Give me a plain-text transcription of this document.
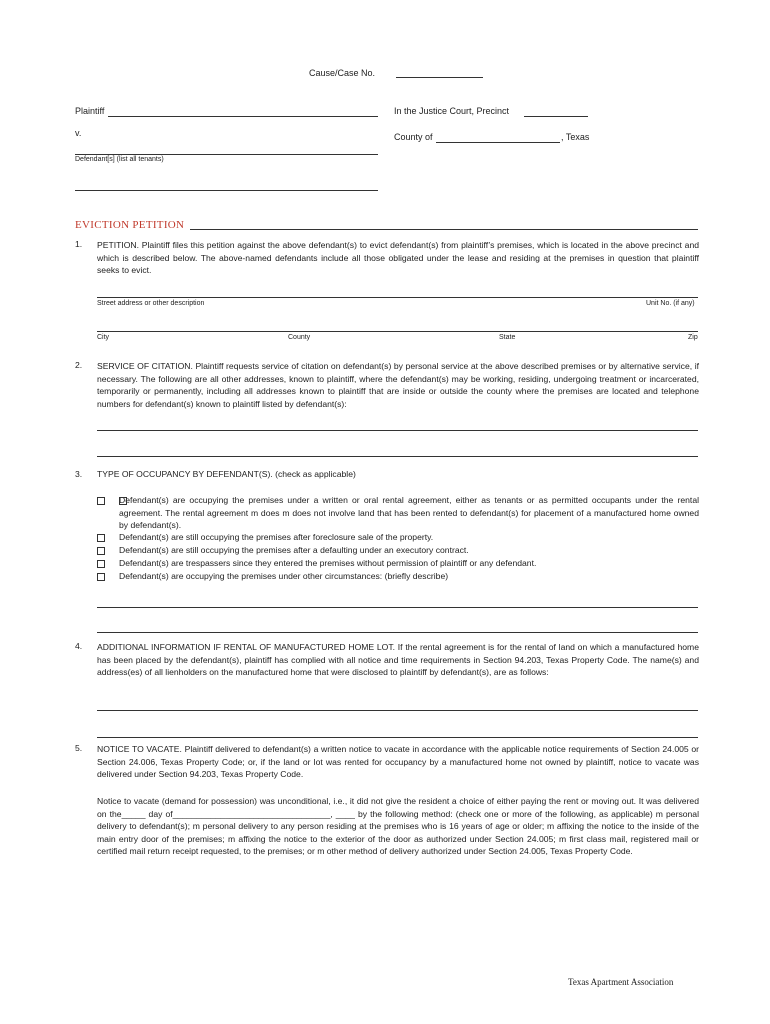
Cause/Case No.
Plaintiff	In the Justice Court, Precinct
v.	County of	, Texas
Defendant[s] (list all tenants)
EVICTION PETITION
1. PETITION. Plaintiff files this petition against the above defendant(s) to evict defendant(s) from plaintiff’s premises, which is located in the above precinct and which is described below. The above-named defendants include all those obligated under the lease and residing at the premises in question that plaintiff seeks to evict.

Street address or other description	Unit No. (if any)
City	County	State	Zip
2. SERVICE OF CITATION. Plaintiff requests service of citation on defendant(s) by personal service at the above described premises or by alternative service, if necessary. The following are all other addresses, known to plaintiff, where the defendant(s) may be working, residing, undergoing treatment or incarcerated, temporarily or permanently, including all addresses known to plaintiff that are inside or outside the county where the premises are located and telephone numbers for defendant(s) known to plaintiff listed by defendant(s):

3. TYPE OF OCCUPANCY BY DEFENDANT(S). (check as applicable)
Defendant(s) are occupying the premises under a written or oral rental agreement, either as tenants or as permitted occupants under the rental agreement. The rental agreement m does m does not involve land that has been rented to defendant(s) for placement of a manufactured home owned by defendant(s).
Defendant(s) are still occupying the premises after foreclosure sale of the property.
Defendant(s) are still occupying the premises after a defaulting under an executory contract.
Defendant(s) are trespassers since they entered the premises without permission of plaintiff or any defendant.
Defendant(s) are occupying the premises under other circumstances: (briefly describe)
4. ADDITIONAL INFORMATION IF RENTAL OF MANUFACTURED HOME LOT. If the rental agreement is for the rental of land on which a manufactured home has been placed by the defendant(s), plaintiff has complied with all notice and time requirements in Section 94.203, Texas Property Code. The name(s) and address(es) of all lienholders on the manufactured home that were disclosed to plaintiff by defendant(s), are as follows:

5. NOTICE TO VACATE. Plaintiff delivered to defendant(s) a written notice to vacate in accordance with the applicable notice requirements of Section 24.005 or Section 24.006, Texas Property Code; or, if the land or lot was rented for occupancy by a manufactured home not owned by plaintiff, notice to vacate was delivered under Section 94.203, Texas Property Code.

Notice to vacate (demand for possession) was unconditional, i.e., it did not give the resident a choice of either paying the rent or moving out. It was delivered on the_____ day of_________________________________, ____ by the following method: (check one or more of the following, as applicable) m personal delivery to defendant(s); m personal delivery to any person residing at the premises who is 16 years of age or older; m affixing the notice to the inside of the main entry door of the premises; m affixing the notice to the exterior of the door as authorized under Section 24.005; m first class mail, registered mail or certified mail return receipt requested, to the premises; or m other method of delivery authorized under Section 24.005, Texas Property Code.

Texas Apartment Association
